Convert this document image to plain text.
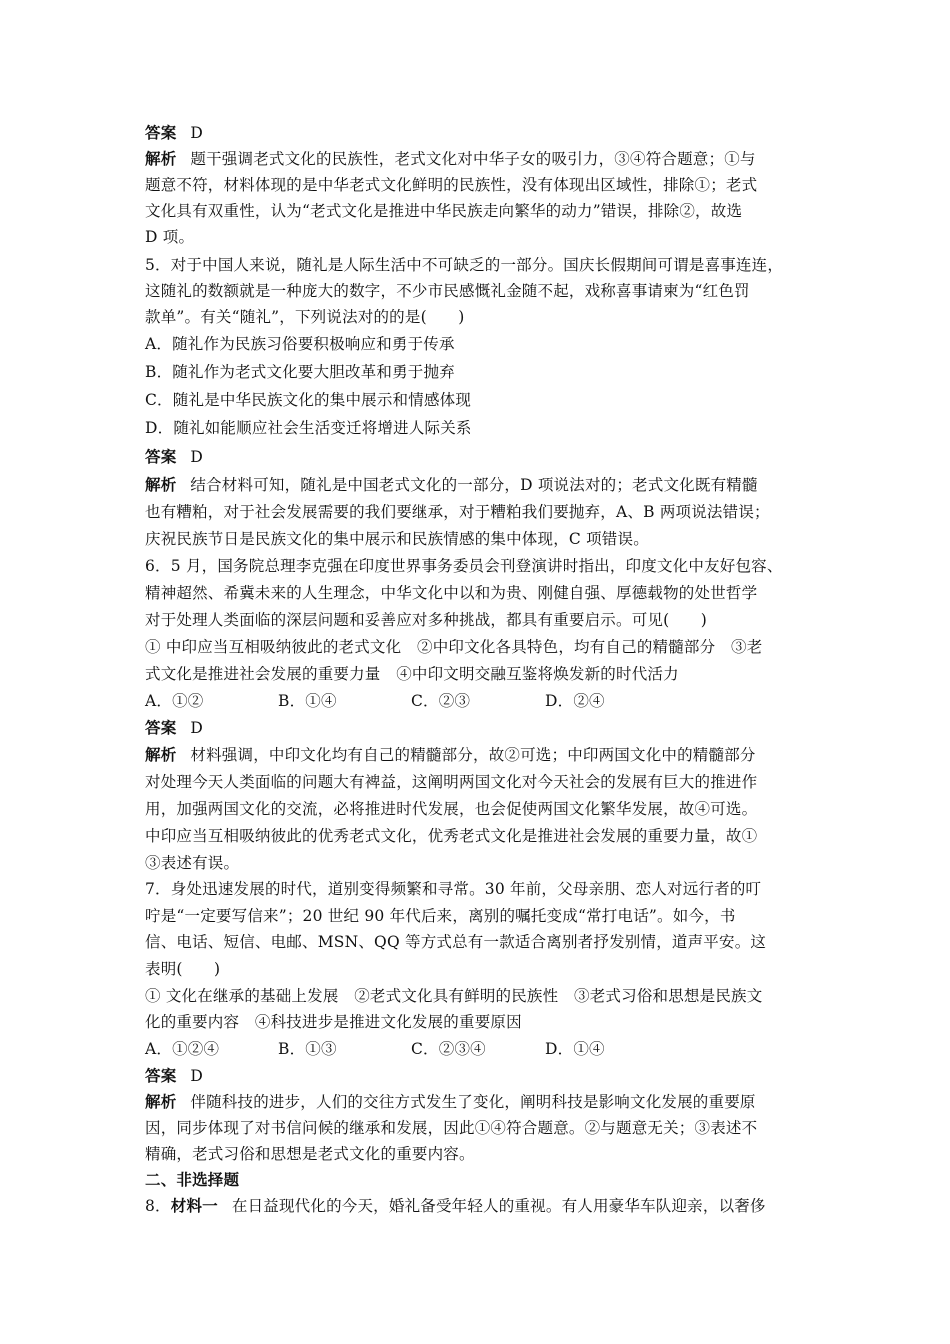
答案 D
解析 题干强调老式文化的民族性，老式文化对中华子女的吸引力，③④符合题意；①与
题意不符，材料体现的是中华老式文化鲜明的民族性，没有体现出区域性，排除①；老式
文化具有双重性，认为“老式文化是推进中华民族走向繁华的动力”错误，排除②，故选
D 项。
5．对于中国人来说，随礼是人际生活中不可缺乏的一部分。国庆长假期间可谓是喜事连连，
这随礼的数额就是一种庞大的数字，不少市民感慨礼金随不起，戏称喜事请柬为“红色罚
款单”。有关“随礼”，下列说法对的的是(　　)
A．随礼作为民族习俗要积极响应和勇于传承
B．随礼作为老式文化要大胆改革和勇于抛弃
C．随礼是中华民族文化的集中展示和情感体现
D．随礼如能顺应社会生活变迁将增进人际关系
答案 D
解析 结合材料可知，随礼是中国老式文化的一部分，D 项说法对的；老式文化既有精髓
也有糟粕，对于社会发展需要的我们要继承，对于糟粕我们要抛弃，A、B 两项说法错误；
庆祝民族节日是民族文化的集中展示和民族情感的集中体现，C 项错误。
6．5 月，国务院总理李克强在印度世界事务委员会刊登演讲时指出，印度文化中友好包容、
精神超然、希冀未来的人生理念，中华文化中以和为贵、刚健自强、厚德载物的处世哲学
对于处理人类面临的深层问题和妥善应对多种挑战，都具有重要启示。可见(　　)
① 中印应当互相吸纳彼此的老式文化　②中印文化各具特色，均有自己的精髓部分　③老
式文化是推进社会发展的重要力量　④中印文明交融互鉴将焕发新的时代活力
A．①②	B．①④	C．②③	D．②④
答案 D
解析 材料强调，中印文化均有自己的精髓部分，故②可选；中印两国文化中的精髓部分
对处理今天人类面临的问题大有裨益，这阐明两国文化对今天社会的发展有巨大的推进作
用，加强两国文化的交流，必将推进时代发展，也会促使两国文化繁华发展，故④可选。
中印应当互相吸纳彼此的优秀老式文化，优秀老式文化是推进社会发展的重要力量，故①
③表述有误。
7．身处迅速发展的时代，道别变得频繁和寻常。30 年前，父母亲朋、恋人对远行者的叮
咛是“一定要写信来”；20 世纪 90 年代后来，离别的嘱托变成“常打电话”。如今，书
信、电话、短信、电邮、MSN、QQ 等方式总有一款适合离别者抒发别情，道声平安。这
表明(　　)
① 文化在继承的基础上发展　②老式文化具有鲜明的民族性　③老式习俗和思想是民族文
化的重要内容　④科技进步是推进文化发展的重要原因
A．①②④	B．①③	C．②③④	D．①④
答案 D
解析 伴随科技的进步，人们的交往方式发生了变化，阐明科技是影响文化发展的重要原
因，同步体现了对书信问候的继承和发展，因此①④符合题意。②与题意无关；③表述不
精确，老式习俗和思想是老式文化的重要内容。
二、非选择题
8．材料一 在日益现代化的今天，婚礼备受年轻人的重视。有人用豪华车队迎亲，以奢侈
